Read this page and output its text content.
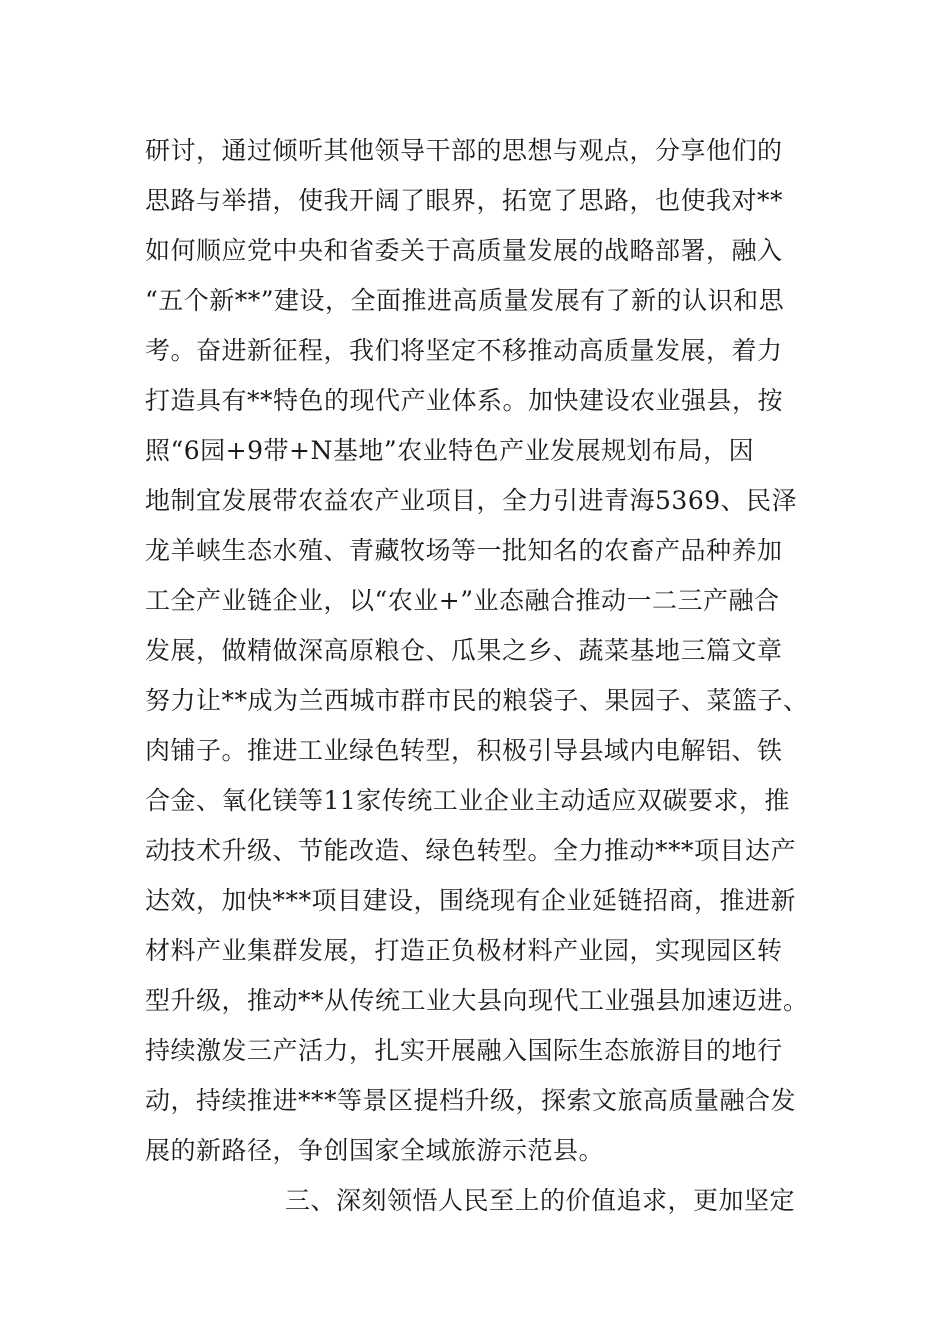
研讨，通过倾听其他领导干部的思想与观点，分享他们的
思路与举措，使我开阔了眼界，拓宽了思路，也使我对**
如何顺应党中央和省委关于高质量发展的战略部署，融入
“五个新**”建设，全面推进高质量发展有了新的认识和思
考。奋进新征程，我们将坚定不移推动高质量发展，着力
打造具有**特色的现代产业体系。加快建设农业强县，按
照“6园+9带+N基地”农业特色产业发展规划布局，因
地制宜发展带农益农产业项目，全力引进青海5369、民泽
龙羊峡生态水殖、青藏牧场等一批知名的农畜产品种养加
工全产业链企业，以“农业+”业态融合推动一二三产融合
发展，做精做深高原粮仓、瓜果之乡、蔬菜基地三篇文章
努力让**成为兰西城市群市民的粮袋子、果园子、菜篮子、
肉铺子。推进工业绿色转型，积极引导县域内电解铝、铁
合金、氧化镁等11家传统工业企业主动适应双碳要求，推
动技术升级、节能改造、绿色转型。全力推动***项目达产
达效，加快***项目建设，围绕现有企业延链招商，推进新
材料产业集群发展，打造正负极材料产业园，实现园区转
型升级，推动**从传统工业大县向现代工业强县加速迈进。
持续激发三产活力，扎实开展融入国际生态旅游目的地行
动，持续推进***等景区提档升级，探索文旅高质量融合发
展的新路径，争创国家全域旅游示范县。
三、深刻领悟人民至上的价值追求，更加坚定
